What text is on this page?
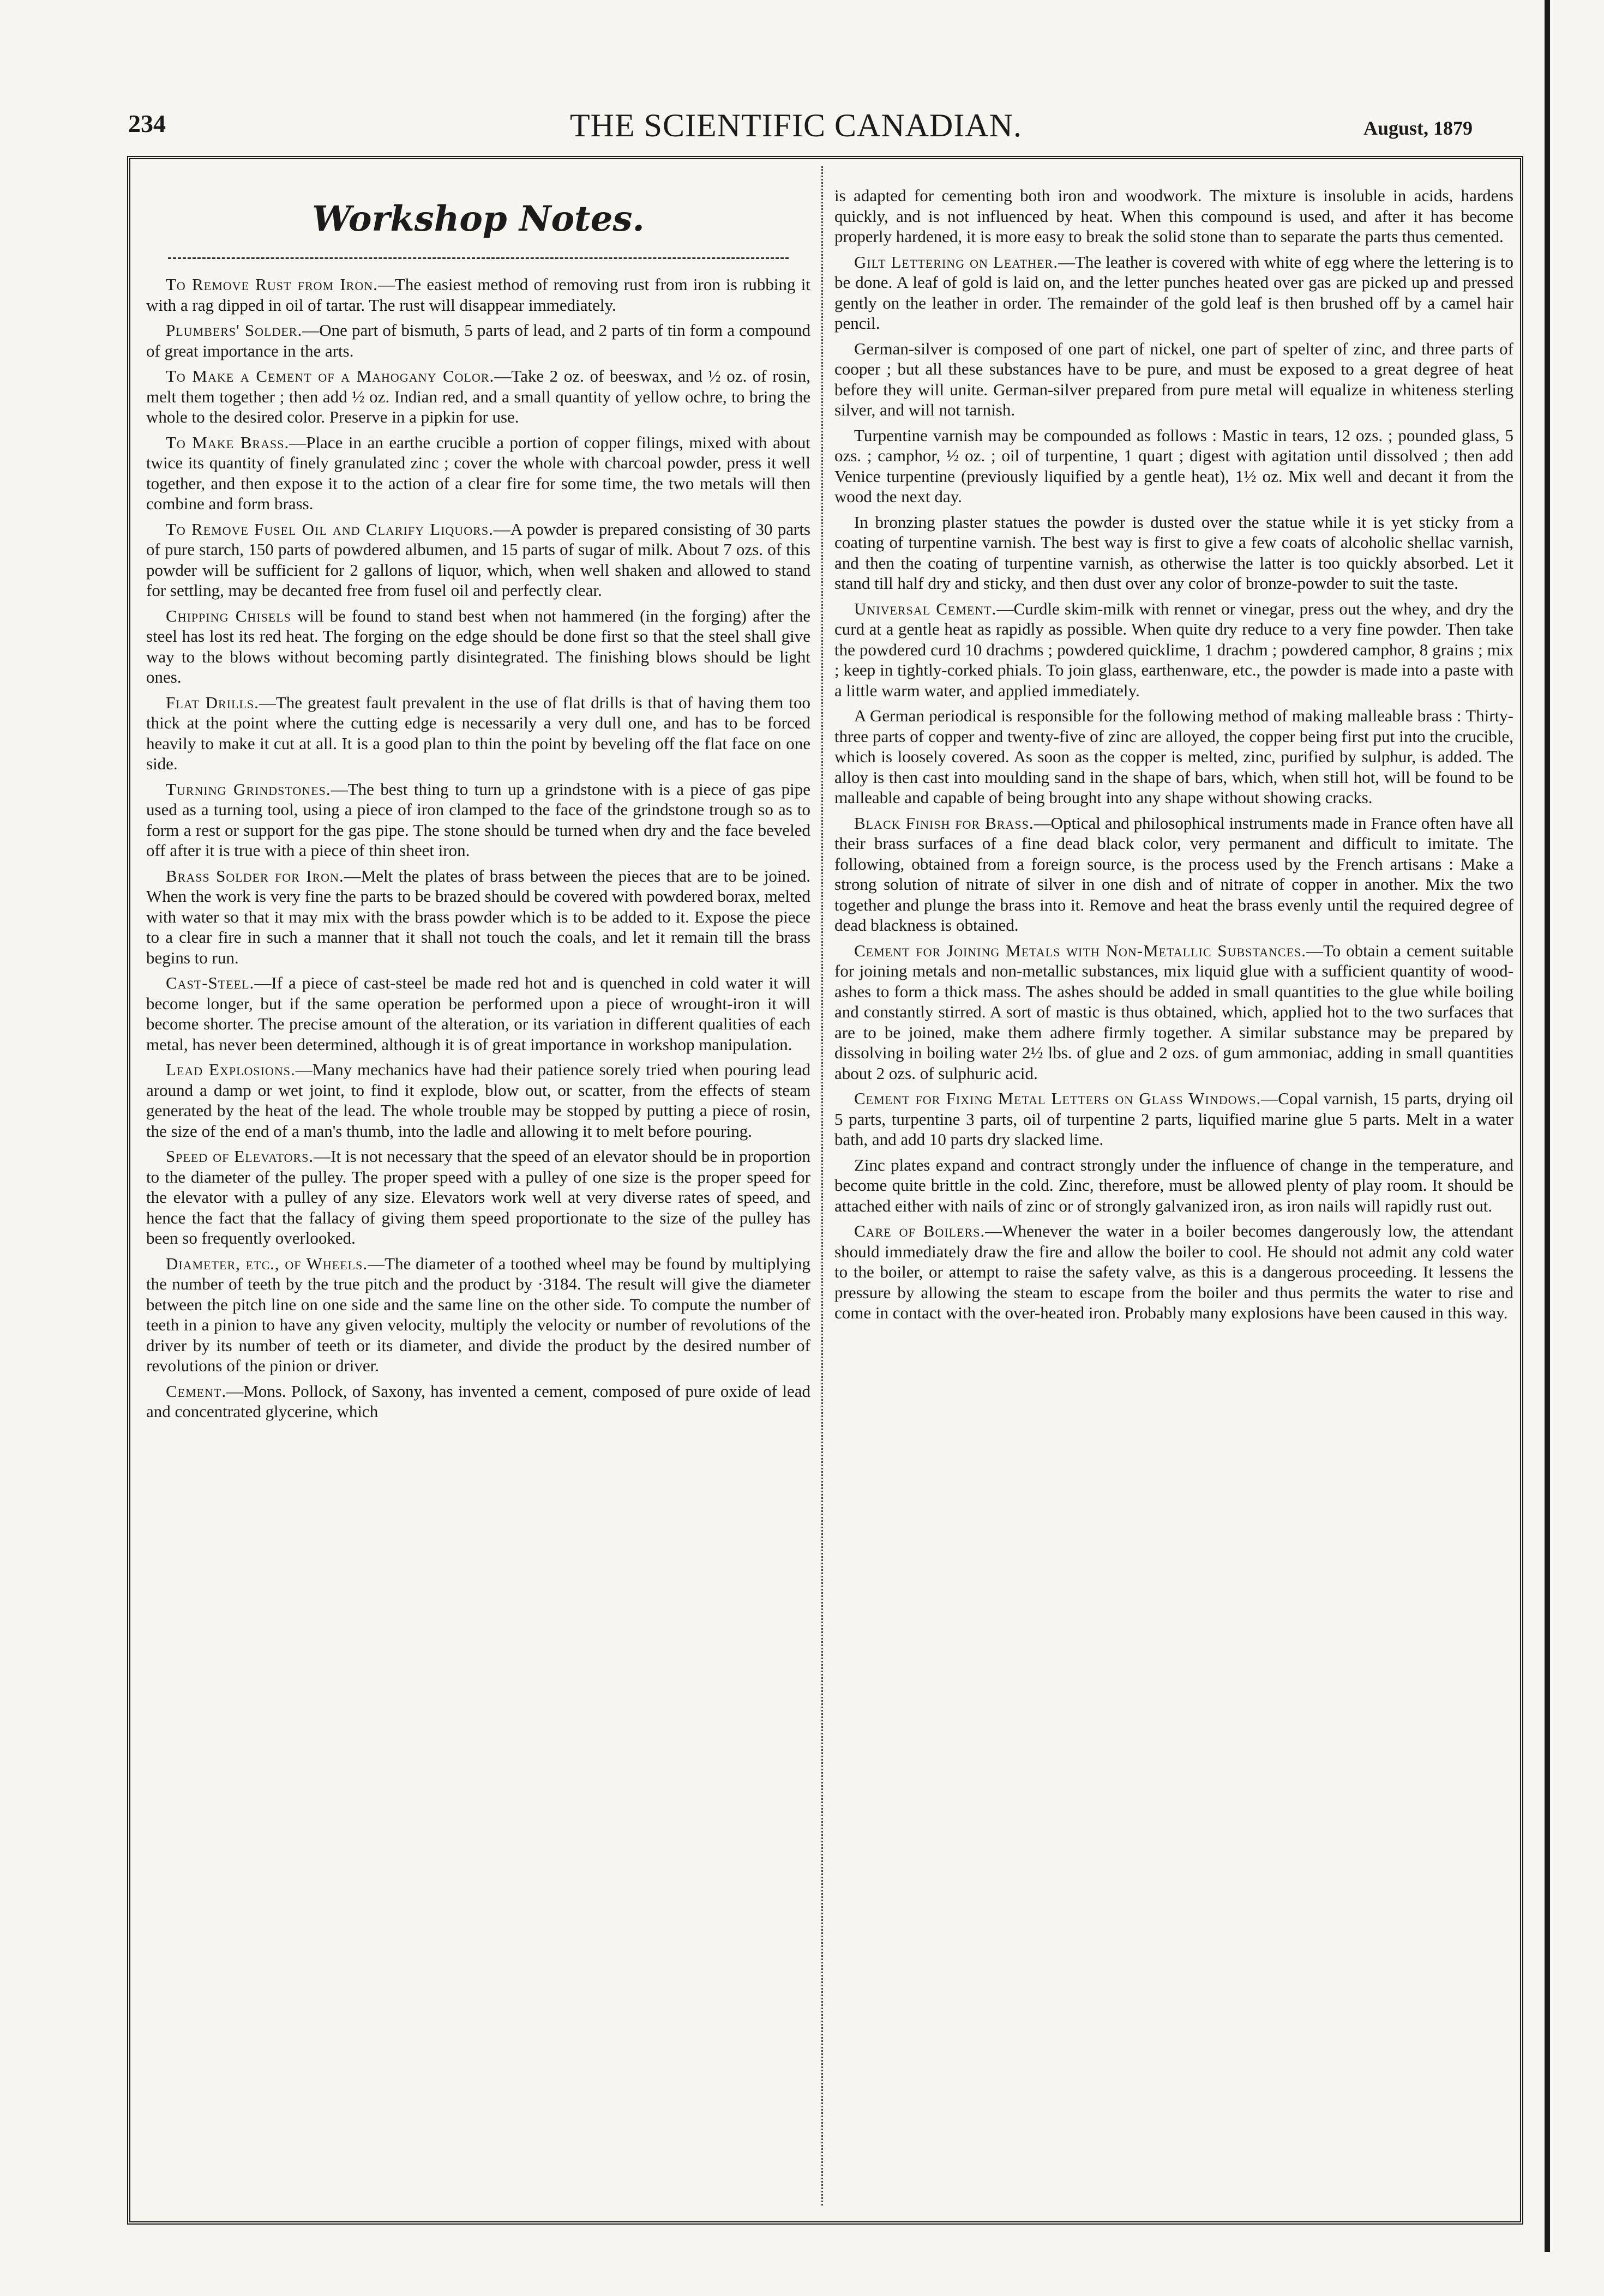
234	THE SCIENTIFIC CANADIAN.	August, 1879
Workshop Notes.

To Remove Rust from Iron.—The easiest method of removing rust from iron is rubbing it with a rag dipped in oil of tartar. The rust will disappear immediately.

Plumbers' Solder.—One part of bismuth, 5 parts of lead, and 2 parts of tin form a compound of great importance in the arts.

To Make a Cement of a Mahogany Color.—Take 2 oz. of beeswax, and ½ oz. of rosin, melt them together ; then add ½ oz. Indian red, and a small quantity of yellow ochre, to bring the whole to the desired color. Preserve in a pipkin for use.

To Make Brass.—Place in an earthe crucible a portion of copper filings, mixed with about twice its quantity of finely granulated zinc ; cover the whole with charcoal powder, press it well together, and then expose it to the action of a clear fire for some time, the two metals will then combine and form brass.

To Remove Fusel Oil and Clarify Liquors.—A powder is prepared consisting of 30 parts of pure starch, 150 parts of powdered albumen, and 15 parts of sugar of milk. About 7 ozs. of this powder will be sufficient for 2 gallons of liquor, which, when well shaken and allowed to stand for settling, may be decanted free from fusel oil and perfectly clear.

Chipping Chisels will be found to stand best when not hammered (in the forging) after the steel has lost its red heat. The forging on the edge should be done first so that the steel shall give way to the blows without becoming partly disintegrated. The finishing blows should be light ones.

Flat Drills.—The greatest fault prevalent in the use of flat drills is that of having them too thick at the point where the cutting edge is necessarily a very dull one, and has to be forced heavily to make it cut at all. It is a good plan to thin the point by beveling off the flat face on one side.

Turning Grindstones.—The best thing to turn up a grindstone with is a piece of gas pipe used as a turning tool, using a piece of iron clamped to the face of the grindstone trough so as to form a rest or support for the gas pipe. The stone should be turned when dry and the face beveled off after it is true with a piece of thin sheet iron.

Brass Solder for Iron.—Melt the plates of brass between the pieces that are to be joined. When the work is very fine the parts to be brazed should be covered with powdered borax, melted with water so that it may mix with the brass powder which is to be added to it. Expose the piece to a clear fire in such a manner that it shall not touch the coals, and let it remain till the brass begins to run.

Cast-Steel.—If a piece of cast-steel be made red hot and is quenched in cold water it will become longer, but if the same operation be performed upon a piece of wrought-iron it will become shorter. The precise amount of the alteration, or its variation in different qualities of each metal, has never been determined, although it is of great importance in workshop manipulation.

Lead Explosions.—Many mechanics have had their patience sorely tried when pouring lead around a damp or wet joint, to find it explode, blow out, or scatter, from the effects of steam generated by the heat of the lead. The whole trouble may be stopped by putting a piece of rosin, the size of the end of a man's thumb, into the ladle and allowing it to melt before pouring.

Speed of Elevators.—It is not necessary that the speed of an elevator should be in proportion to the diameter of the pulley. The proper speed with a pulley of one size is the proper speed for the elevator with a pulley of any size. Elevators work well at very diverse rates of speed, and hence the fact that the fallacy of giving them speed proportionate to the size of the pulley has been so frequently overlooked.

Diameter, etc., of Wheels.—The diameter of a toothed wheel may be found by multiplying the number of teeth by the true pitch and the product by ·3184. The result will give the diameter between the pitch line on one side and the same line on the other side. To compute the number of teeth in a pinion to have any given velocity, multiply the velocity or number of revolutions of the driver by its number of teeth or its diameter, and divide the product by the desired number of revolutions of the pinion or driver.

Cement.—Mons. Pollock, of Saxony, has invented a cement, composed of pure oxide of lead and concentrated glycerine, which

is adapted for cementing both iron and woodwork. The mixture is insoluble in acids, hardens quickly, and is not influenced by heat. When this compound is used, and after it has become properly hardened, it is more easy to break the solid stone than to separate the parts thus cemented.

Gilt Lettering on Leather.—The leather is covered with white of egg where the lettering is to be done. A leaf of gold is laid on, and the letter punches heated over gas are picked up and pressed gently on the leather in order. The remainder of the gold leaf is then brushed off by a camel hair pencil.

German-silver is composed of one part of nickel, one part of spelter of zinc, and three parts of cooper ; but all these substances have to be pure, and must be exposed to a great degree of heat before they will unite. German-silver prepared from pure metal will equalize in whiteness sterling silver, and will not tarnish.

Turpentine varnish may be compounded as follows : Mastic in tears, 12 ozs. ; pounded glass, 5 ozs. ; camphor, ½ oz. ; oil of turpentine, 1 quart ; digest with agitation until dissolved ; then add Venice turpentine (previously liquified by a gentle heat), 1½ oz. Mix well and decant it from the wood the next day.

In bronzing plaster statues the powder is dusted over the statue while it is yet sticky from a coating of turpentine varnish. The best way is first to give a few coats of alcoholic shellac varnish, and then the coating of turpentine varnish, as otherwise the latter is too quickly absorbed. Let it stand till half dry and sticky, and then dust over any color of bronze-powder to suit the taste.

Universal Cement.—Curdle skim-milk with rennet or vinegar, press out the whey, and dry the curd at a gentle heat as rapidly as possible. When quite dry reduce to a very fine powder. Then take the powdered curd 10 drachms ; powdered quicklime, 1 drachm ; powdered camphor, 8 grains ; mix ; keep in tightly-corked phials. To join glass, earthenware, etc., the powder is made into a paste with a little warm water, and applied immediately.

A German periodical is responsible for the following method of making malleable brass : Thirty-three parts of copper and twenty-five of zinc are alloyed, the copper being first put into the crucible, which is loosely covered. As soon as the copper is melted, zinc, purified by sulphur, is added. The alloy is then cast into moulding sand in the shape of bars, which, when still hot, will be found to be malleable and capable of being brought into any shape without showing cracks.

Black Finish for Brass.—Optical and philosophical instruments made in France often have all their brass surfaces of a fine dead black color, very permanent and difficult to imitate. The following, obtained from a foreign source, is the process used by the French artisans : Make a strong solution of nitrate of silver in one dish and of nitrate of copper in another. Mix the two together and plunge the brass into it. Remove and heat the brass evenly until the required degree of dead blackness is obtained.

Cement for Joining Metals with Non-Metallic Substances.—To obtain a cement suitable for joining metals and non-metallic substances, mix liquid glue with a sufficient quantity of wood-ashes to form a thick mass. The ashes should be added in small quantities to the glue while boiling and constantly stirred. A sort of mastic is thus obtained, which, applied hot to the two surfaces that are to be joined, make them adhere firmly together. A similar substance may be prepared by dissolving in boiling water 2½ lbs. of glue and 2 ozs. of gum ammoniac, adding in small quantities about 2 ozs. of sulphuric acid.

Cement for Fixing Metal Letters on Glass Windows.—Copal varnish, 15 parts, drying oil 5 parts, turpentine 3 parts, oil of turpentine 2 parts, liquified marine glue 5 parts. Melt in a water bath, and add 10 parts dry slacked lime.

Zinc plates expand and contract strongly under the influence of change in the temperature, and become quite brittle in the cold. Zinc, therefore, must be allowed plenty of play room. It should be attached either with nails of zinc or of strongly galvanized iron, as iron nails will rapidly rust out.

Care of Boilers.—Whenever the water in a boiler becomes dangerously low, the attendant should immediately draw the fire and allow the boiler to cool. He should not admit any cold water to the boiler, or attempt to raise the safety valve, as this is a dangerous proceeding. It lessens the pressure by allowing the steam to escape from the boiler and thus permits the water to rise and come in contact with the over-heated iron. Probably many explosions have been caused in this way.
